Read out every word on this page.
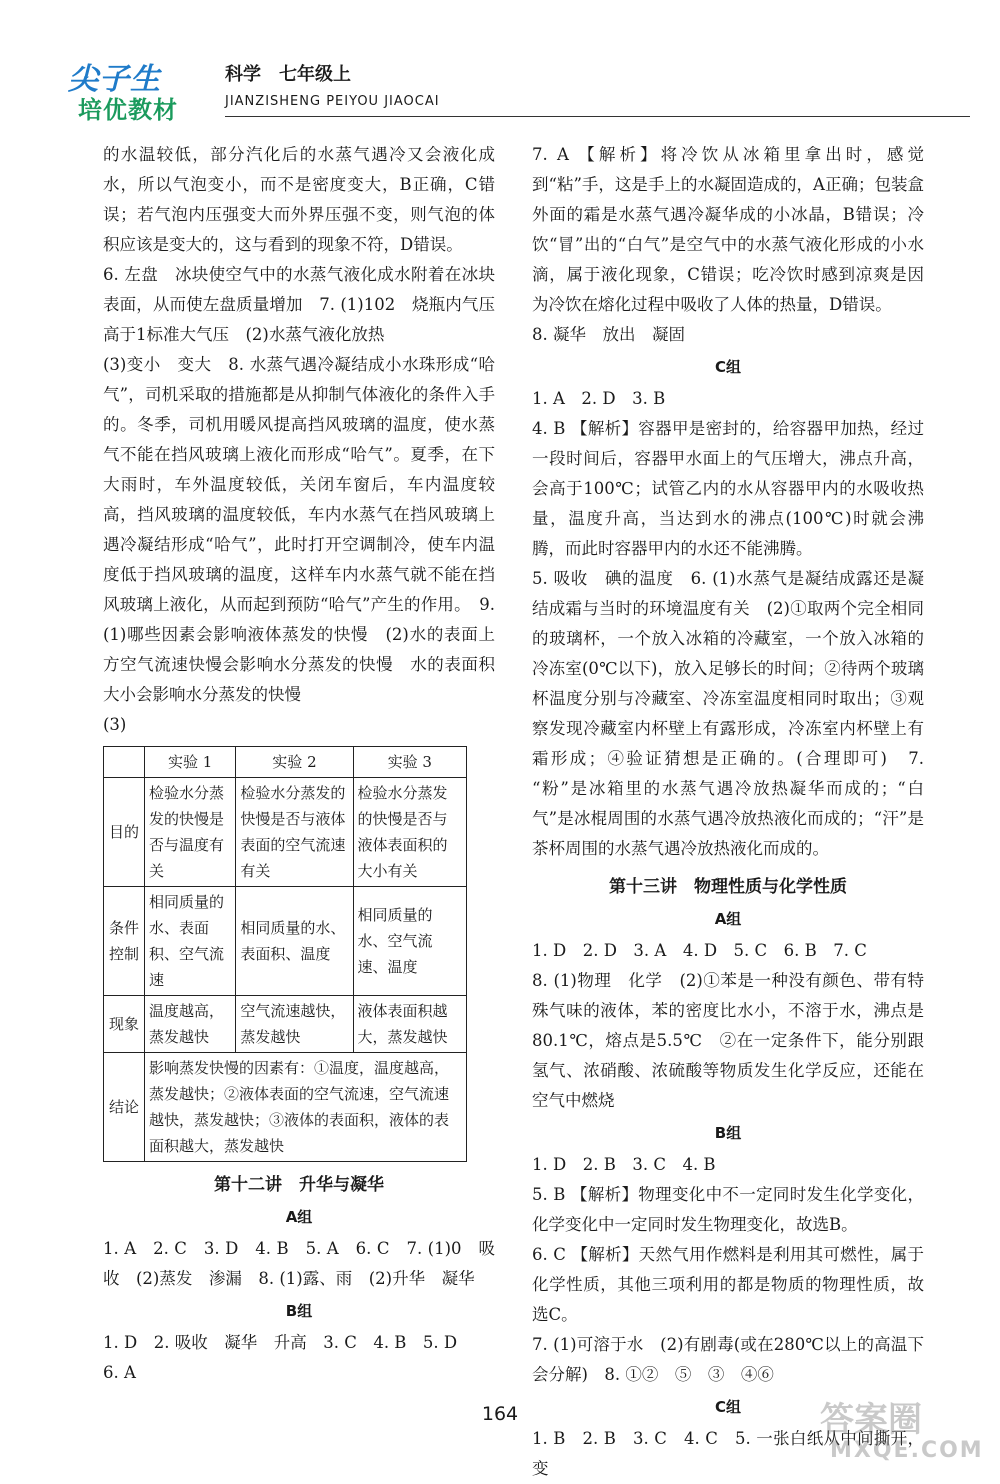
尖子生
培优教材
科学　七年级上
JIANZISHENG PEIYOU JIAOCAI

的水温较低，部分汽化后的水蒸气遇冷又会液化成水，所以气泡变小，而不是密度变大，B正确，C错误；若气泡内压强变大而外界压强不变，则气泡的体积应该是变大的，这与看到的现象不符，D错误。

6. 左盘　冰块使空气中的水蒸气液化成水附着在冰块表面，从而使左盘质量增加　7. (1)102　烧瓶内气压高于1标准大气压　(2)水蒸气液化放热

(3)变小　变大　8. 水蒸气遇冷凝结成小水珠形成“哈气”，司机采取的措施都是从抑制气体液化的条件入手的。冬季，司机用暖风提高挡风玻璃的温度，使水蒸气不能在挡风玻璃上液化而形成“哈气”。夏季，在下大雨时，车外温度较低，关闭车窗后，车内温度较高，挡风玻璃的温度较低，车内水蒸气在挡风玻璃上遇冷凝结形成“哈气”，此时打开空调制冷，使车内温度低于挡风玻璃的温度，这样车内水蒸气就不能在挡风玻璃上液化，从而起到预防“哈气”产生的作用。　9. (1)哪些因素会影响液体蒸发的快慢　(2)水的表面上方空气流速快慢会影响水分蒸发的快慢　水的表面积大小会影响水分蒸发的快慢

(3)

	实验 1	实验 2	实验 3
目的	检验水分蒸发的快慢是否与温度有关	检验水分蒸发的快慢是否与液体表面的空气流速有关	检验水分蒸发的快慢是否与液体表面积的大小有关
条件控制	相同质量的水、表面积、空气流速	相同质量的水、表面积、温度	相同质量的水、空气流速、温度
现象	温度越高，蒸发越快	空气流速越快，蒸发越快	液体表面积越大，蒸发越快
结论	影响蒸发快慢的因素有：①温度，温度越高，蒸发越快；②液体表面的空气流速，空气流速越快，蒸发越快；③液体的表面积，液体的表面积越大，蒸发越快		
第十二讲　升华与凝华
A组

1. A　2. C　3. D　4. B　5. A　6. C　7. (1)0　吸收　(2)蒸发　渗漏　8. (1)露、雨　(2)升华　凝华

B组

1. D　2. 吸收　凝华　升高　3. C　4. B　5. D

6. A

7. A 【解析】将冷饮从冰箱里拿出时，感觉到“粘”手，这是手上的水凝固造成的，A正确；包装盒外面的霜是水蒸气遇冷凝华成的小冰晶，B错误；冷饮“冒”出的“白气”是空气中的水蒸气液化形成的小水滴，属于液化现象，C错误；吃冷饮时感到凉爽是因为冷饮在熔化过程中吸收了人体的热量，D错误。

8. 凝华　放出　凝固

C组

1. A　2. D　3. B

4. B 【解析】容器甲是密封的，给容器甲加热，经过一段时间后，容器甲水面上的气压增大，沸点升高，会高于100℃；试管乙内的水从容器甲内的水吸收热量，温度升高，当达到水的沸点(100℃)时就会沸腾，而此时容器甲内的水还不能沸腾。

5. 吸收　碘的温度　6. (1)水蒸气是凝结成露还是凝结成霜与当时的环境温度有关　(2)①取两个完全相同的玻璃杯，一个放入冰箱的冷藏室，一个放入冰箱的冷冻室(0℃以下)，放入足够长的时间；②待两个玻璃杯温度分别与冷藏室、冷冻室温度相同时取出；③观察发现冷藏室内杯壁上有露形成，冷冻室内杯壁上有霜形成；④验证猜想是正确的。(合理即可)　7. “粉”是冰箱里的水蒸气遇冷放热凝华而成的；“白气”是冰棍周围的水蒸气遇冷放热液化而成的；“汗”是茶杯周围的水蒸气遇冷放热液化而成的。

第十三讲　物理性质与化学性质
A组

1. D　2. D　3. A　4. D　5. C　6. B　7. C

8. (1)物理　化学　(2)①苯是一种没有颜色、带有特殊气味的液体，苯的密度比水小，不溶于水，沸点是80.1℃，熔点是5.5℃　②在一定条件下，能分别跟氢气、浓硝酸、浓硫酸等物质发生化学反应，还能在空气中燃烧

B组

1. D　2. B　3. C　4. B

5. B 【解析】物理变化中不一定同时发生化学变化，化学变化中一定同时发生物理变化，故选B。

6. C 【解析】天然气用作燃料是利用其可燃性，属于化学性质，其他三项利用的都是物质的物理性质，故选C。

7. (1)可溶于水　(2)有剧毒(或在280℃以上的高温下会分解)　8. ①②　⑤　③　④⑥

C组

1. B　2. B　3. C　4. C　5. 一张白纸从中间撕开，变

164	答案圈
MXQE.COM
